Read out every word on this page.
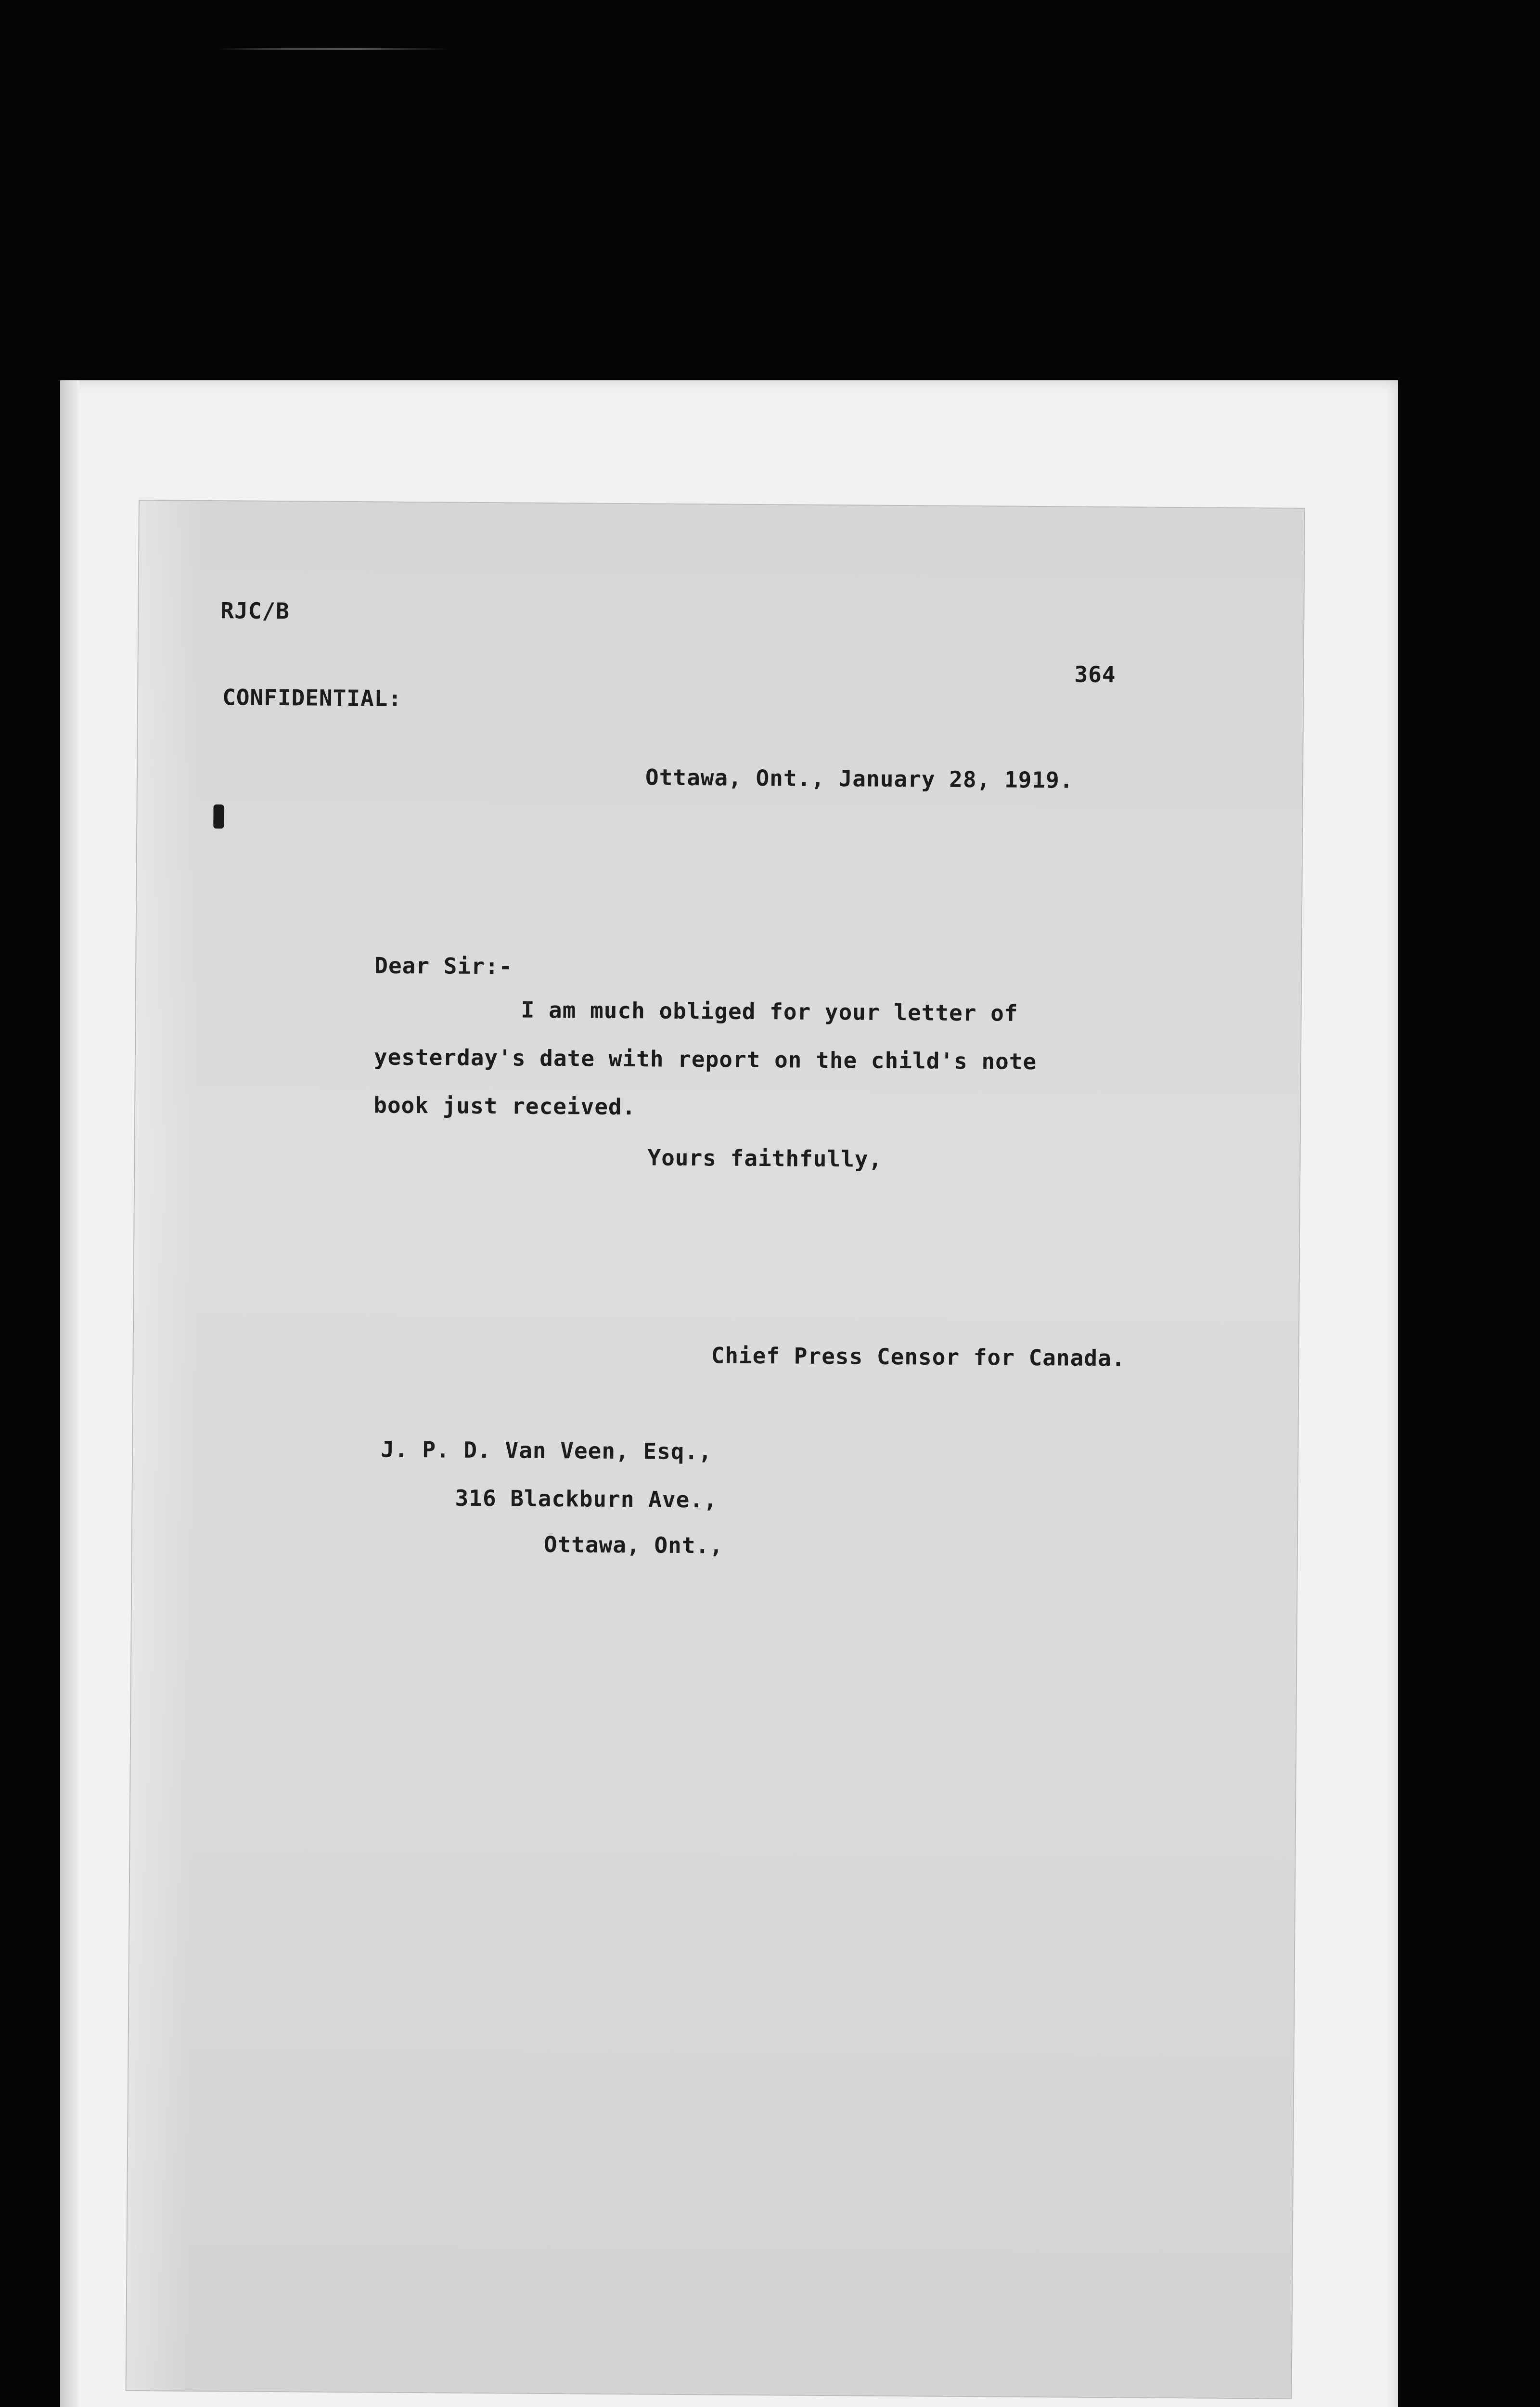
RJC/B
364
CONFIDENTIAL:
Ottawa, Ont., January 28, 1919.
Dear Sir:-
I am much obliged for your letter of
yesterday's date with report on the child's note
book just received.
Yours faithfully,
Chief Press Censor for Canada.
J. P. D. Van Veen, Esq.,
316 Blackburn Ave.,
Ottawa, Ont.,
